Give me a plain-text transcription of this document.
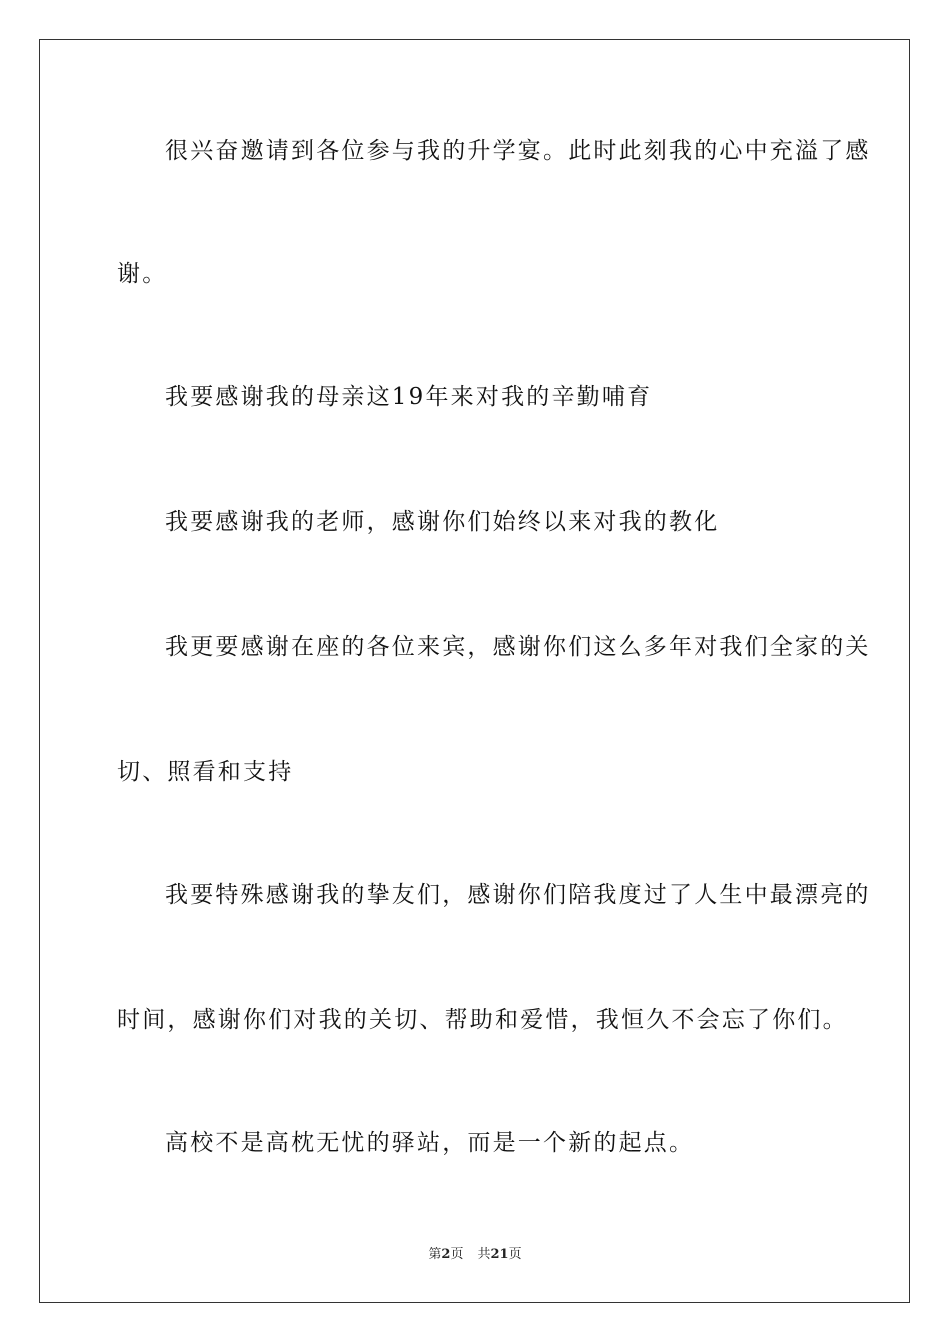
很兴奋邀请到各位参与我的升学宴。此时此刻我的心中充溢了感

谢。

我要感谢我的母亲这19年来对我的辛勤哺育

我要感谢我的老师，感谢你们始终以来对我的教化

我更要感谢在座的各位来宾，感谢你们这么多年对我们全家的关

切、照看和支持

我要特殊感谢我的挚友们，感谢你们陪我度过了人生中最漂亮的

时间，感谢你们对我的关切、帮助和爱惜，我恒久不会忘了你们。

高校不是高枕无忧的驿站，而是一个新的起点。

第2页 共21页
